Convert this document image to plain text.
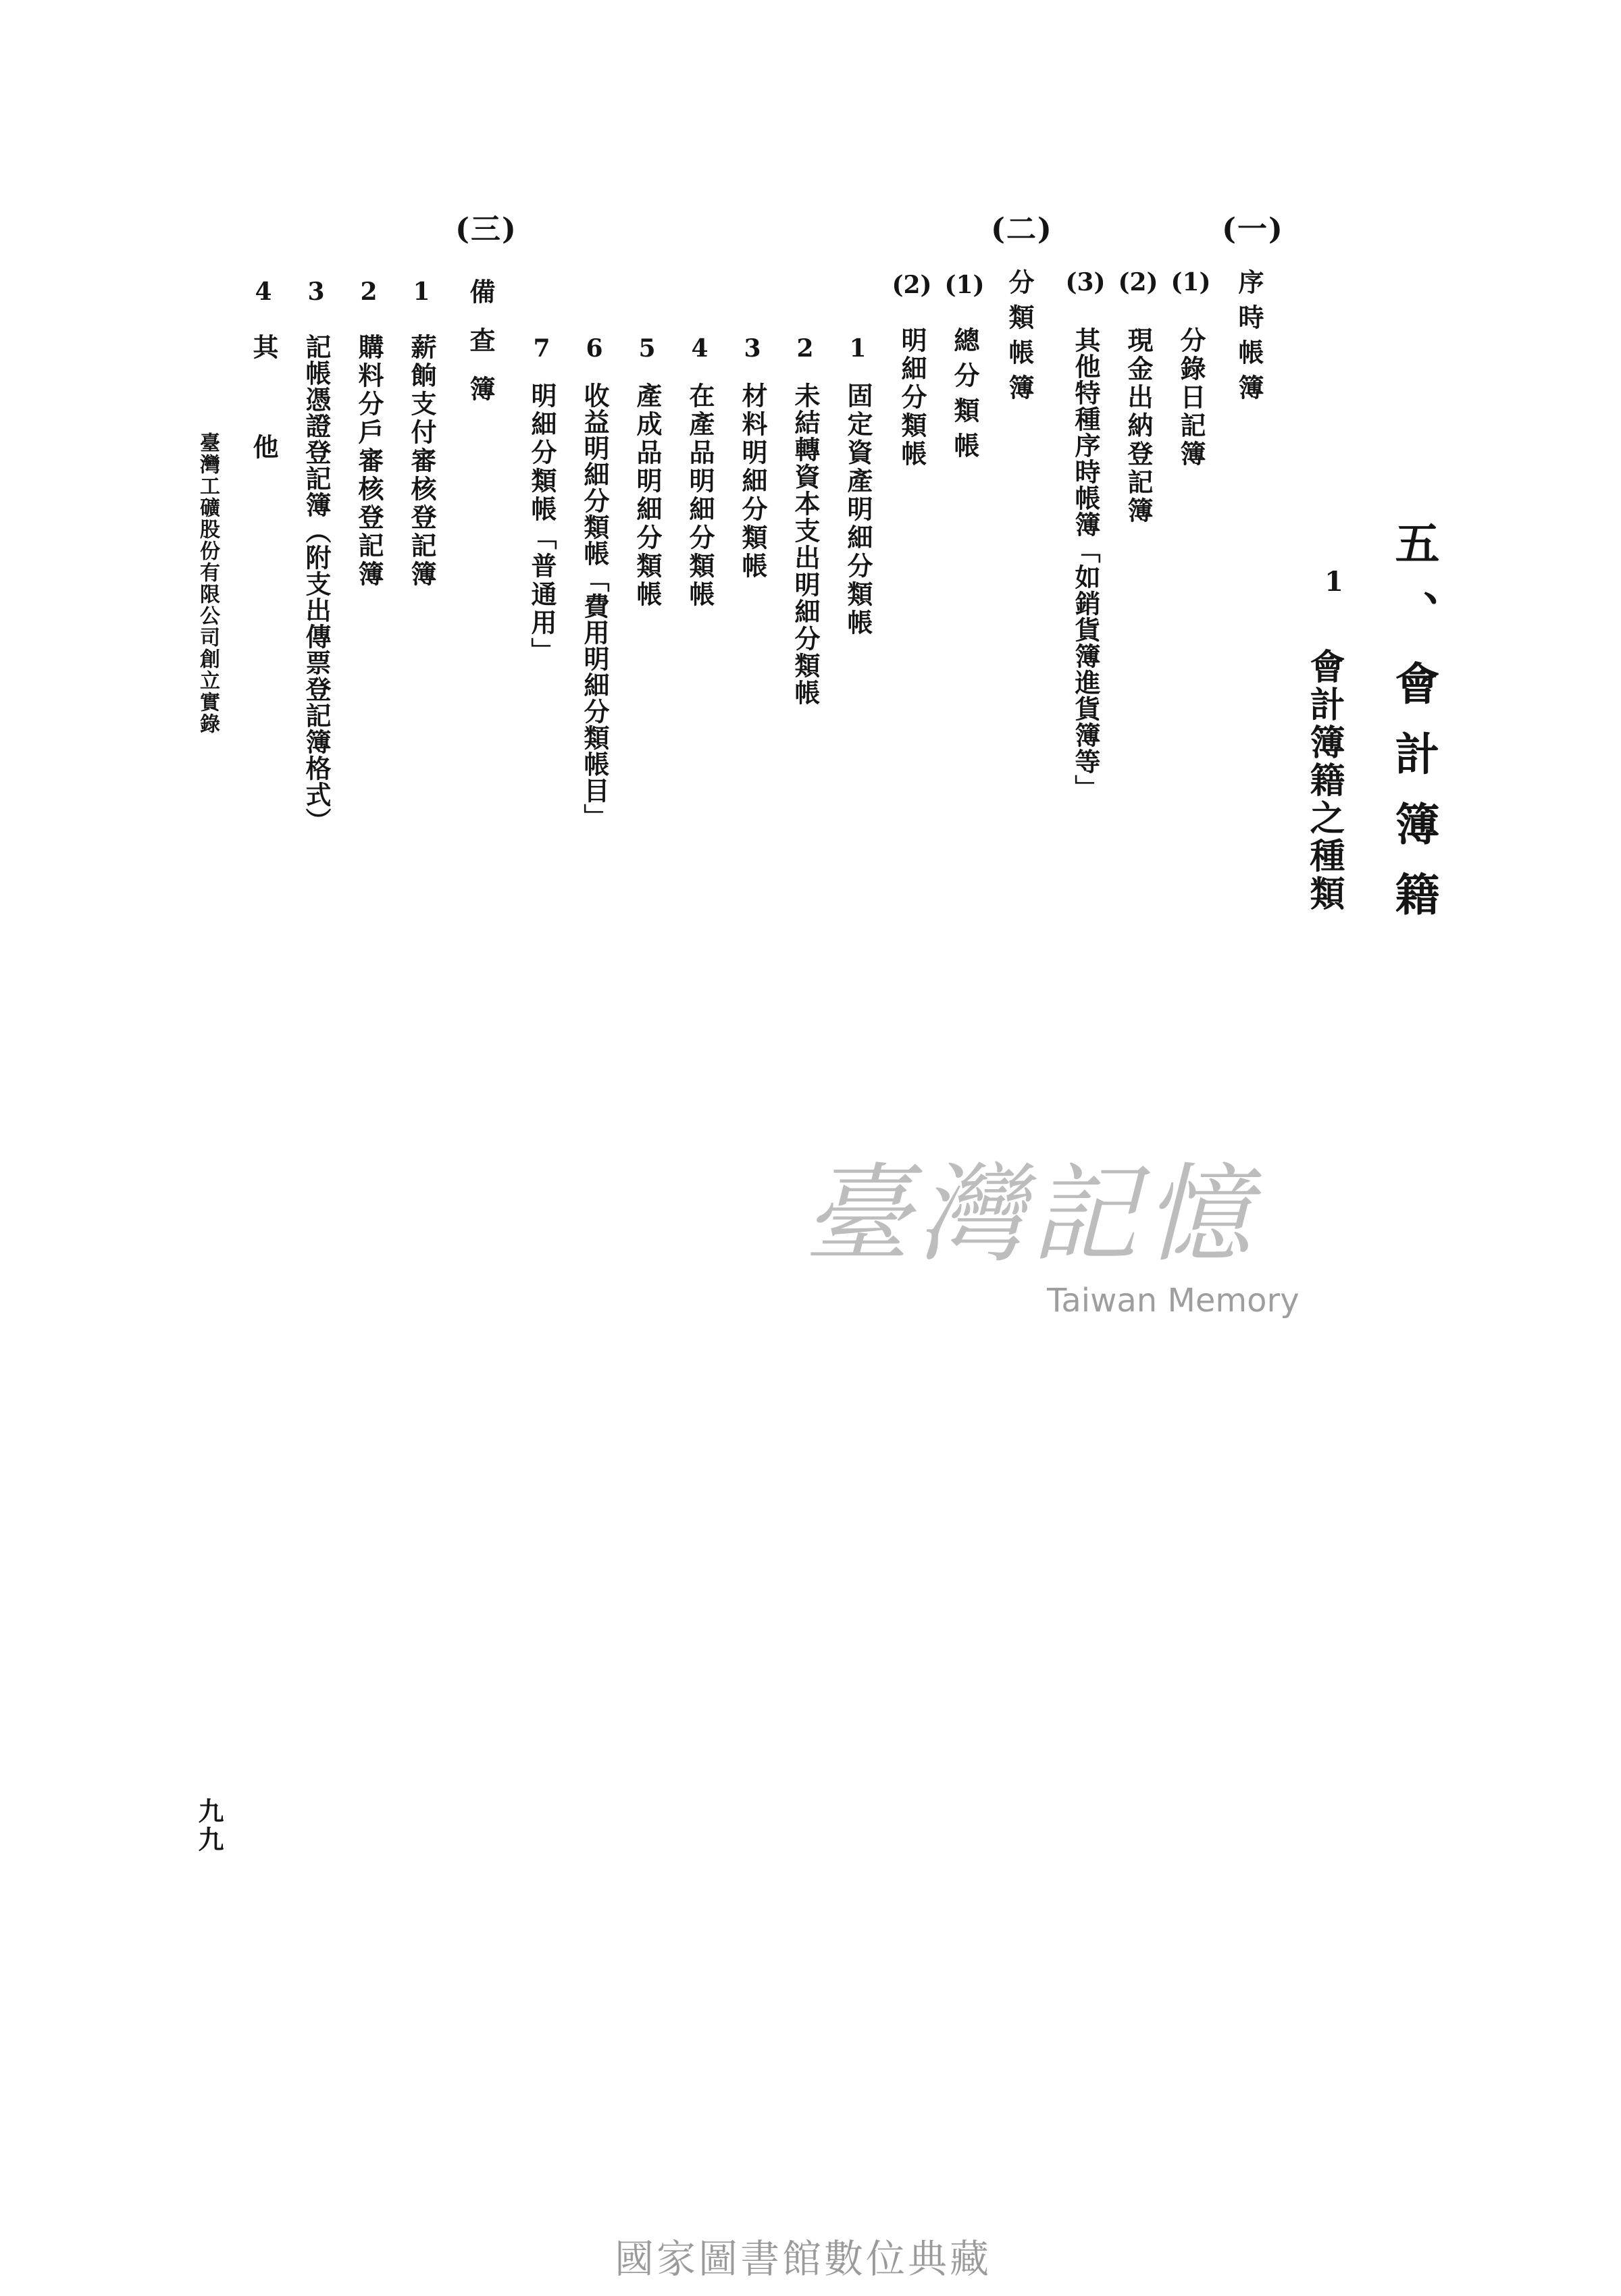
五、會計簿籍
1
會計簿籍之種類
(一)
序時帳簿
(1)
分錄日記簿
(2)
現金出納登記簿
(3)
其他特種序時帳簿「如銷貨簿進貨簿等」
(二)
分類帳簿
(1)
總分類帳
(2)
明細分類帳
1
固定資產明細分類帳
2
未結轉資本支出明細分類帳
3
材料明細分類帳
4
在產品明細分類帳
5
產成品明細分類帳
6
收益明細分類帳「費用明細分類帳目」
7
明細分類帳「普通用」
(三)
備查簿
1
薪餉支付審核登記簿
2
購料分戶審核登記簿
3
記帳憑證登記簿（附支出傳票登記簿格式）
4
其他
臺灣工礦股份有限公司創立實錄
九九
臺灣記憶
Taiwan Memory
國家圖書館數位典藏
